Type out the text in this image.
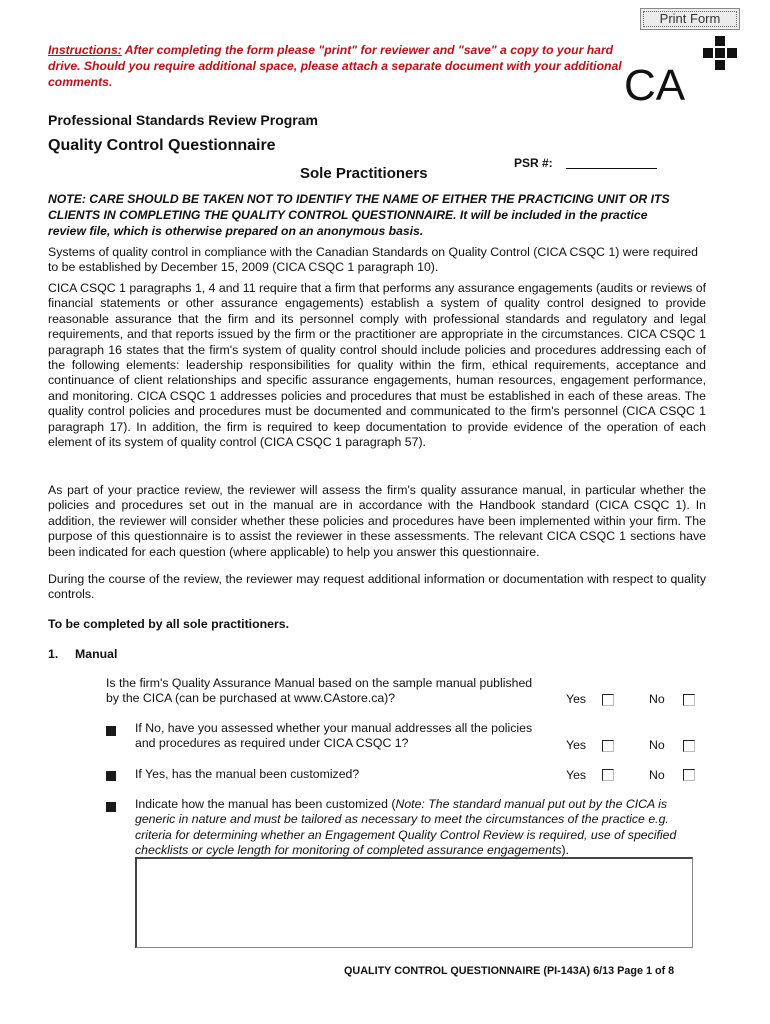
Print Form
Instructions: After completing the form please "print" for reviewer and "save" a copy to your hard drive. Should you require additional space, please attach a separate document with your additional comments.	CA
Professional Standards Review Program
Quality Control Questionnaire
Sole Practitioners
PSR #:
NOTE: CARE SHOULD BE TAKEN NOT TO IDENTIFY THE NAME OF EITHER THE PRACTICING UNIT OR ITS CLIENTS IN COMPLETING THE QUALITY CONTROL QUESTIONNAIRE. It will be included in the practice review file, which is otherwise prepared on an anonymous basis.
Systems of quality control in compliance with the Canadian Standards on Quality Control (CICA CSQC 1) were required to be established by December 15, 2009 (CICA CSQC 1 paragraph 10).
CICA CSQC 1 paragraphs 1, 4 and 11 require that a firm that performs any assurance engagements (audits or reviews of financial statements or other assurance engagements) establish a system of quality control designed to provide reasonable assurance that the firm and its personnel comply with professional standards and regulatory and legal requirements, and that reports issued by the firm or the practitioner are appropriate in the circumstances. CICA CSQC 1 paragraph 16 states that the firm's system of quality control should include policies and procedures addressing each of the following elements: leadership responsibilities for quality within the firm, ethical requirements, acceptance and continuance of client relationships and specific assurance engagements, human resources, engagement performance, and monitoring. CICA CSQC 1 addresses policies and procedures that must be established in each of these areas. The quality control policies and procedures must be documented and communicated to the firm's personnel (CICA CSQC 1 paragraph 17). In addition, the firm is required to keep documentation to provide evidence of the operation of each element of its system of quality control (CICA CSQC 1 paragraph 57).
As part of your practice review, the reviewer will assess the firm's quality assurance manual, in particular whether the policies and procedures set out in the manual are in accordance with the Handbook standard (CICA CSQC 1). In addition, the reviewer will consider whether these policies and procedures have been implemented within your firm. The purpose of this questionnaire is to assist the reviewer in these assessments. The relevant CICA CSQC 1 sections have been indicated for each question (where applicable) to help you answer this questionnaire.
During the course of the review, the reviewer may request additional information or documentation with respect to quality controls.
To be completed by all sole practitioners.
1. Manual
Is the firm's Quality Assurance Manual based on the sample manual published by the CICA (can be purchased at www.CAstore.ca)?	Yes	No
If No, have you assessed whether your manual addresses all the policies and procedures as required under CICA CSQC 1?	Yes	No
If Yes, has the manual been customized?	Yes	No
Indicate how the manual has been customized (Note: The standard manual put out by the CICA is generic in nature and must be tailored as necessary to meet the circumstances of the practice e.g. criteria for determining whether an Engagement Quality Control Review is required, use of specified checklists or cycle length for monitoring of completed assurance engagements).
QUALITY CONTROL QUESTIONNAIRE (PI-143A) 6/13 Page 1 of 8
